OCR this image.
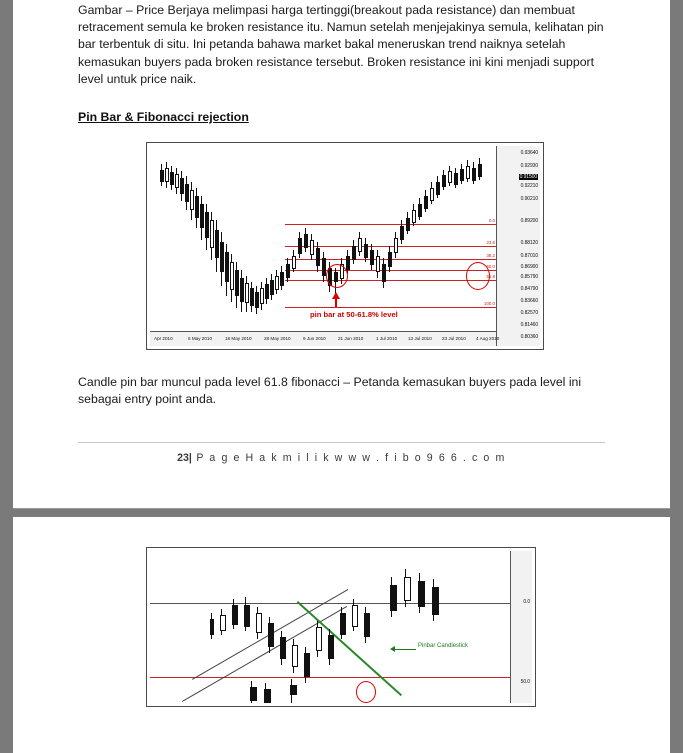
Gambar – Price Berjaya melimpasi harga tertinggi(breakout pada resistance) dan membuat retracement semula ke broken resistance itu. Namun setelah menjejakinya semula, kelihatan pin bar terbentuk di situ. Ini petanda bahawa market bakal meneruskan trend naiknya setelah kemasukan buyers pada broken resistance tersebut. Broken resistance ini kini menjadi support level untuk price naik.

Pin Bar & Fibonacci rejection

0.0
23.6
38.2
50.0
61.8
100.0
pin bar at 50-61.8% level
0.93640
0.92930
0.91500
0.92210
0.90210
0.89200
0.88120
0.87010
0.86900
0.85790
0.84790
0.83660
0.82570
0.81460
0.80360
Apr 2010	6 May 2010	18 May 2010	28 May 2010	9 Jun 2010	21 Jun 2010	1 Jul 2010 13 Jul 2010 23 Jul 2010 4 Aug 2010

Candle pin bar muncul pada level 61.8 fibonacci – Petanda kemasukan buyers pada level ini sebagai entry point anda.

23| P a g e H a k m i l i k w w w . f i b o 9 6 6 . c o m
0.0
50.0
Pinbar Candlestick
